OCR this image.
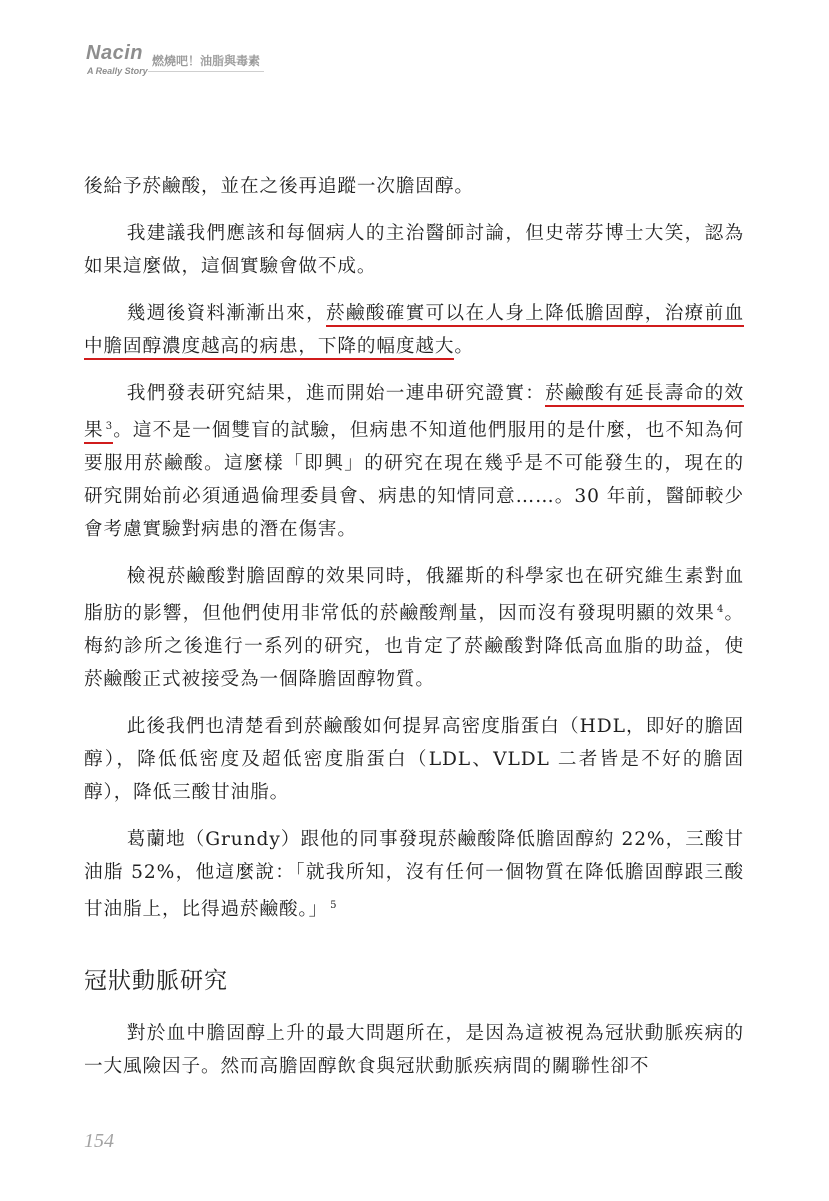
Nacin
A Really Story
燃燒吧！油脂與毒素

後給予菸鹼酸，並在之後再追蹤一次膽固醇。

我建議我們應該和每個病人的主治醫師討論，但史蒂芬博士大笑，認為如果這麼做，這個實驗會做不成。

幾週後資料漸漸出來，菸鹼酸確實可以在人身上降低膽固醇，治療前血中膽固醇濃度越高的病患，下降的幅度越大。

我們發表研究結果，進而開始一連串研究證實：菸鹼酸有延長壽命的效果 $^3$。這不是一個雙盲的試驗，但病患不知道他們服用的是什麼，也不知為何要服用菸鹼酸。這麼樣「即興」的研究在現在幾乎是不可能發生的，現在的研究開始前必須通過倫理委員會、病患的知情同意……。30 年前，醫師較少會考慮實驗對病患的潛在傷害。

檢視菸鹼酸對膽固醇的效果同時，俄羅斯的科學家也在研究維生素對血脂肪的影響，但他們使用非常低的菸鹼酸劑量，因而沒有發現明顯的效果 $^4$。梅約診所之後進行一系列的研究，也肯定了菸鹼酸對降低高血脂的助益，使菸鹼酸正式被接受為一個降膽固醇物質。

此後我們也清楚看到菸鹼酸如何提昇高密度脂蛋白（HDL，即好的膽固醇），降低低密度及超低密度脂蛋白（LDL、VLDL 二者皆是不好的膽固醇），降低三酸甘油脂。

葛蘭地（Grundy）跟他的同事發現菸鹼酸降低膽固醇約 22%，三酸甘油脂 52%，他這麼說：「就我所知，沒有任何一個物質在降低膽固醇跟三酸甘油脂上，比得過菸鹼酸。」 $^5$

冠狀動脈研究

對於血中膽固醇上升的最大問題所在，是因為這被視為冠狀動脈疾病的一大風險因子。然而高膽固醇飲食與冠狀動脈疾病間的關聯性卻不

154
